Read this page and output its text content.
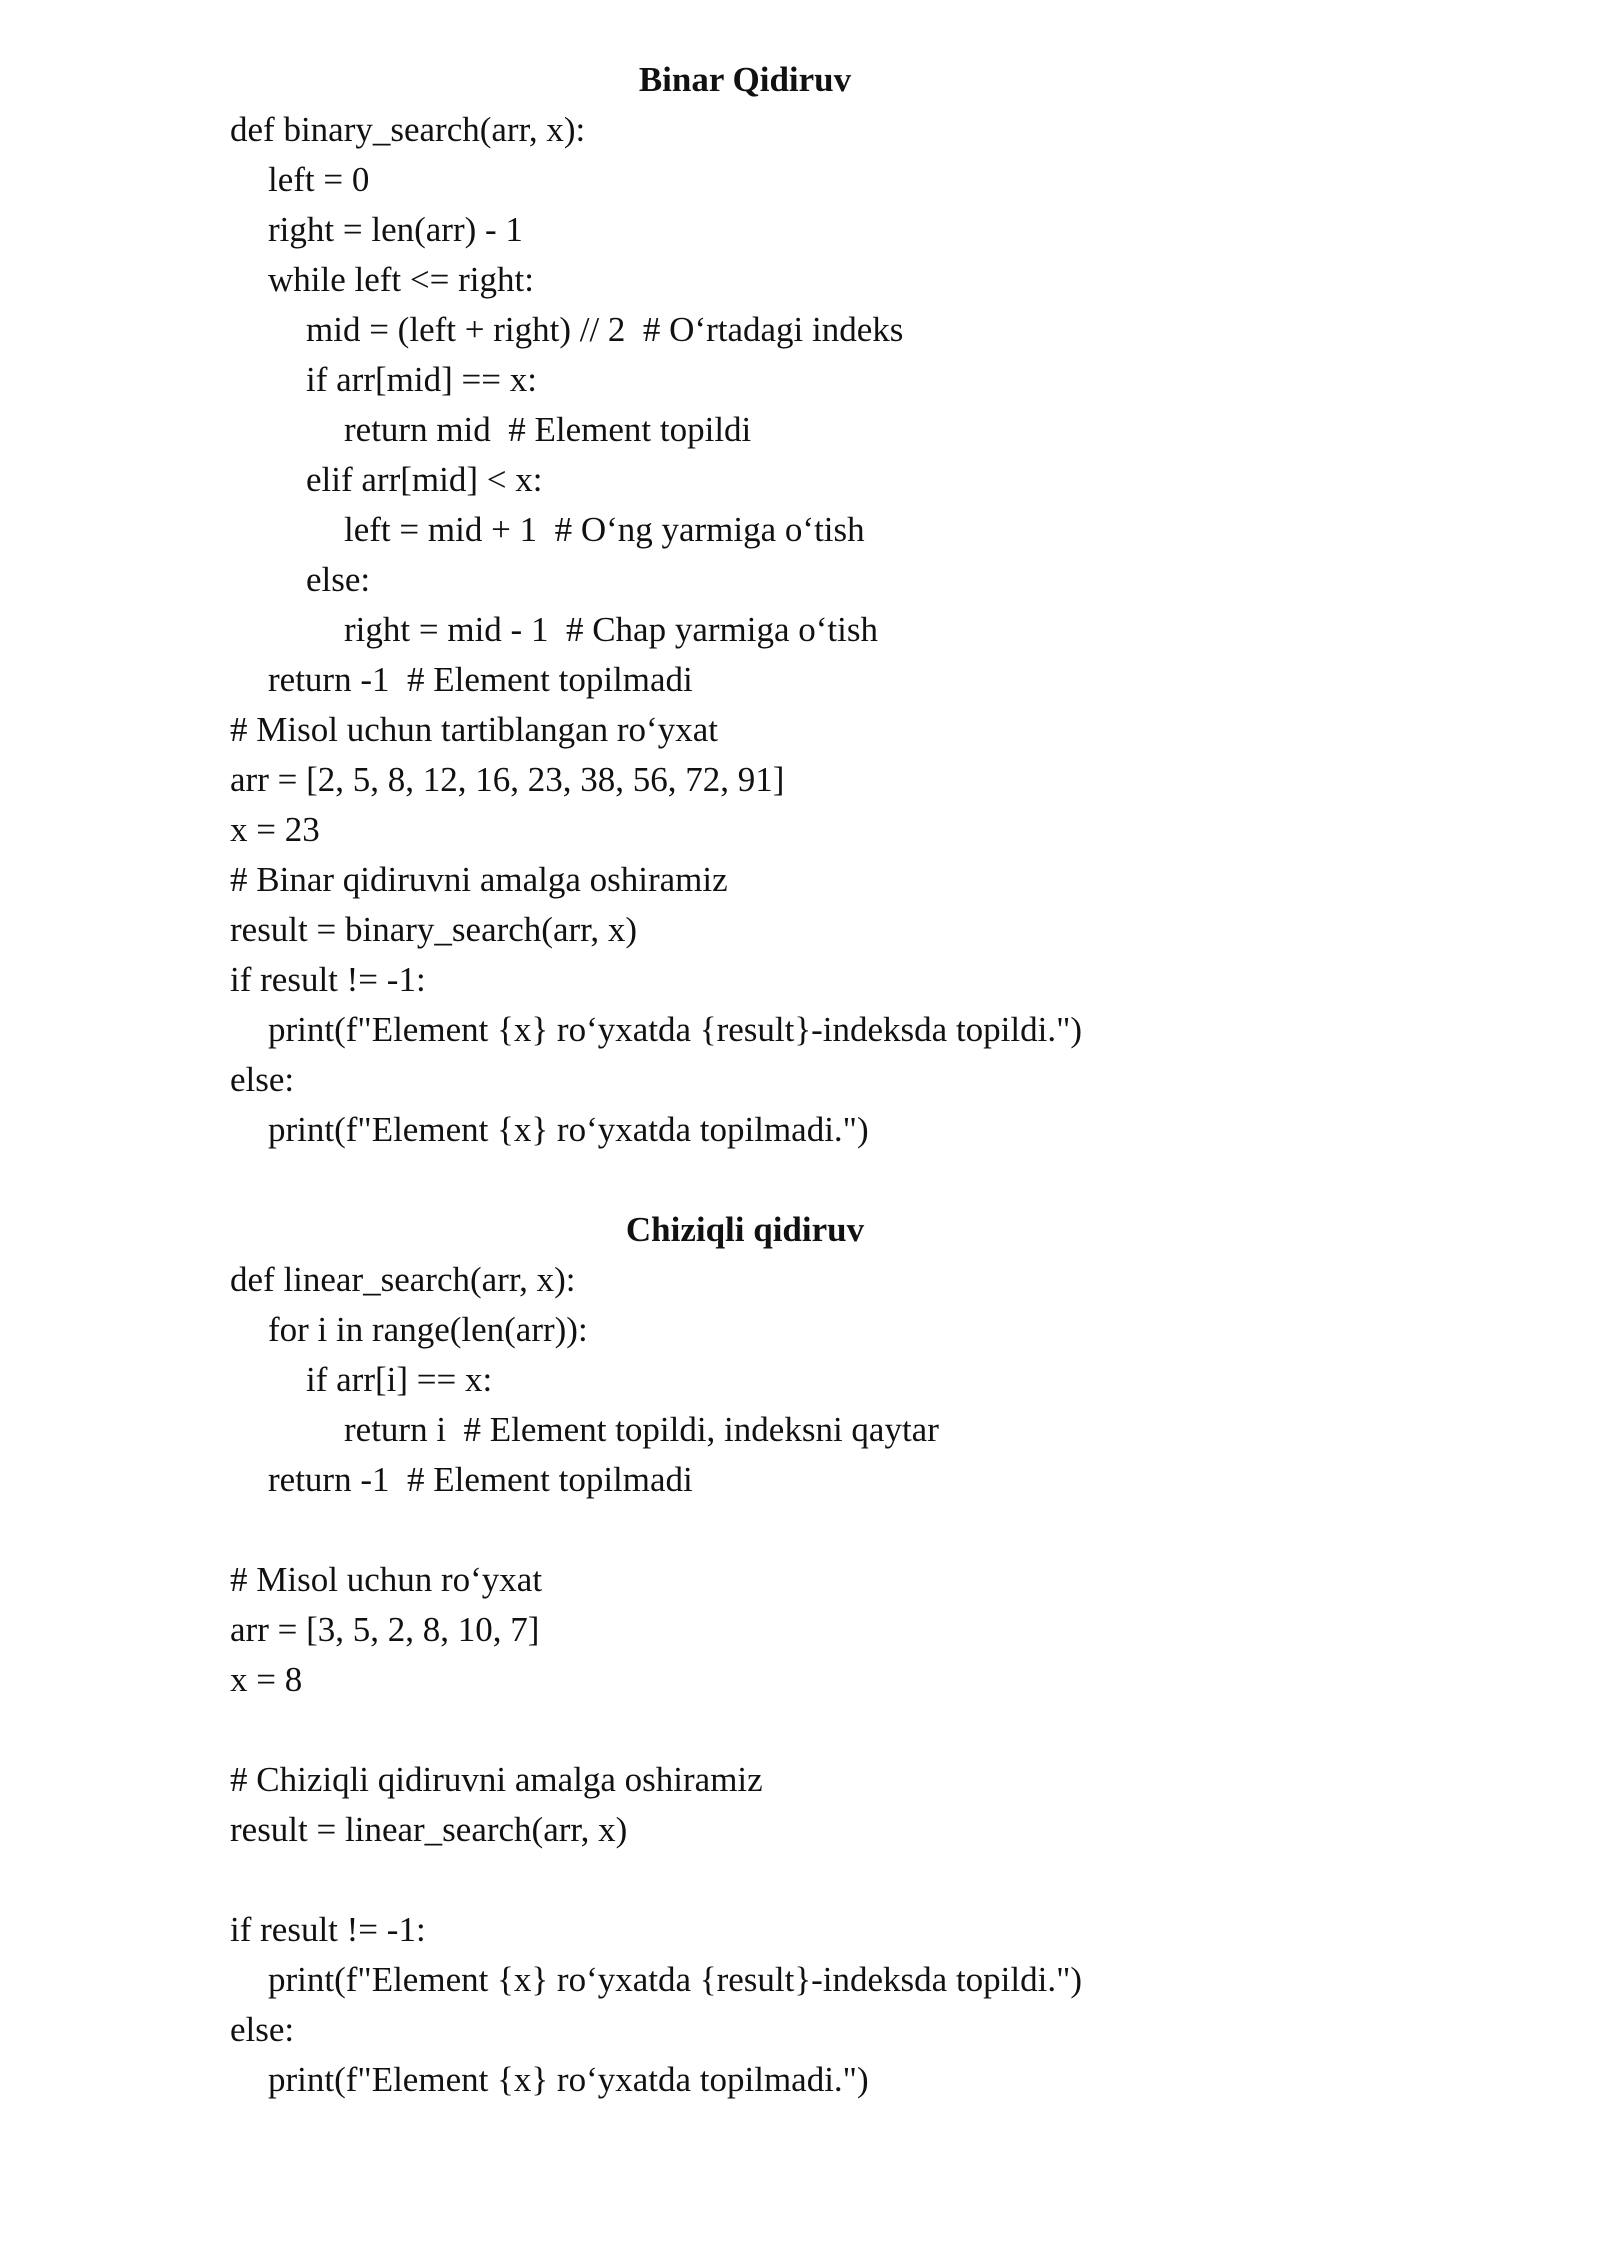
Binar Qidiruv
def binary_search(arr, x):
left = 0
right = len(arr) - 1
while left <= right:
mid = (left + right) // 2  # O‘rtadagi indeks
if arr[mid] == x:
return mid  # Element topildi
elif arr[mid] < x:
left = mid + 1  # O‘ng yarmiga o‘tish
else:
right = mid - 1  # Chap yarmiga o‘tish
return -1  # Element topilmadi
# Misol uchun tartiblangan ro‘yxat
arr = [2, 5, 8, 12, 16, 23, 38, 56, 72, 91]
x = 23
# Binar qidiruvni amalga oshiramiz
result = binary_search(arr, x)
if result != -1:
print(f"Element {x} ro‘yxatda {result}-indeksda topildi.")
else:
print(f"Element {x} ro‘yxatda topilmadi.")
Chiziqli qidiruv
def linear_search(arr, x):
for i in range(len(arr)):
if arr[i] == x:
return i  # Element topildi, indeksni qaytar
return -1  # Element topilmadi
# Misol uchun ro‘yxat
arr = [3, 5, 2, 8, 10, 7]
x = 8
# Chiziqli qidiruvni amalga oshiramiz
result = linear_search(arr, x)
if result != -1:
print(f"Element {x} ro‘yxatda {result}-indeksda topildi.")
else:
print(f"Element {x} ro‘yxatda topilmadi.")
